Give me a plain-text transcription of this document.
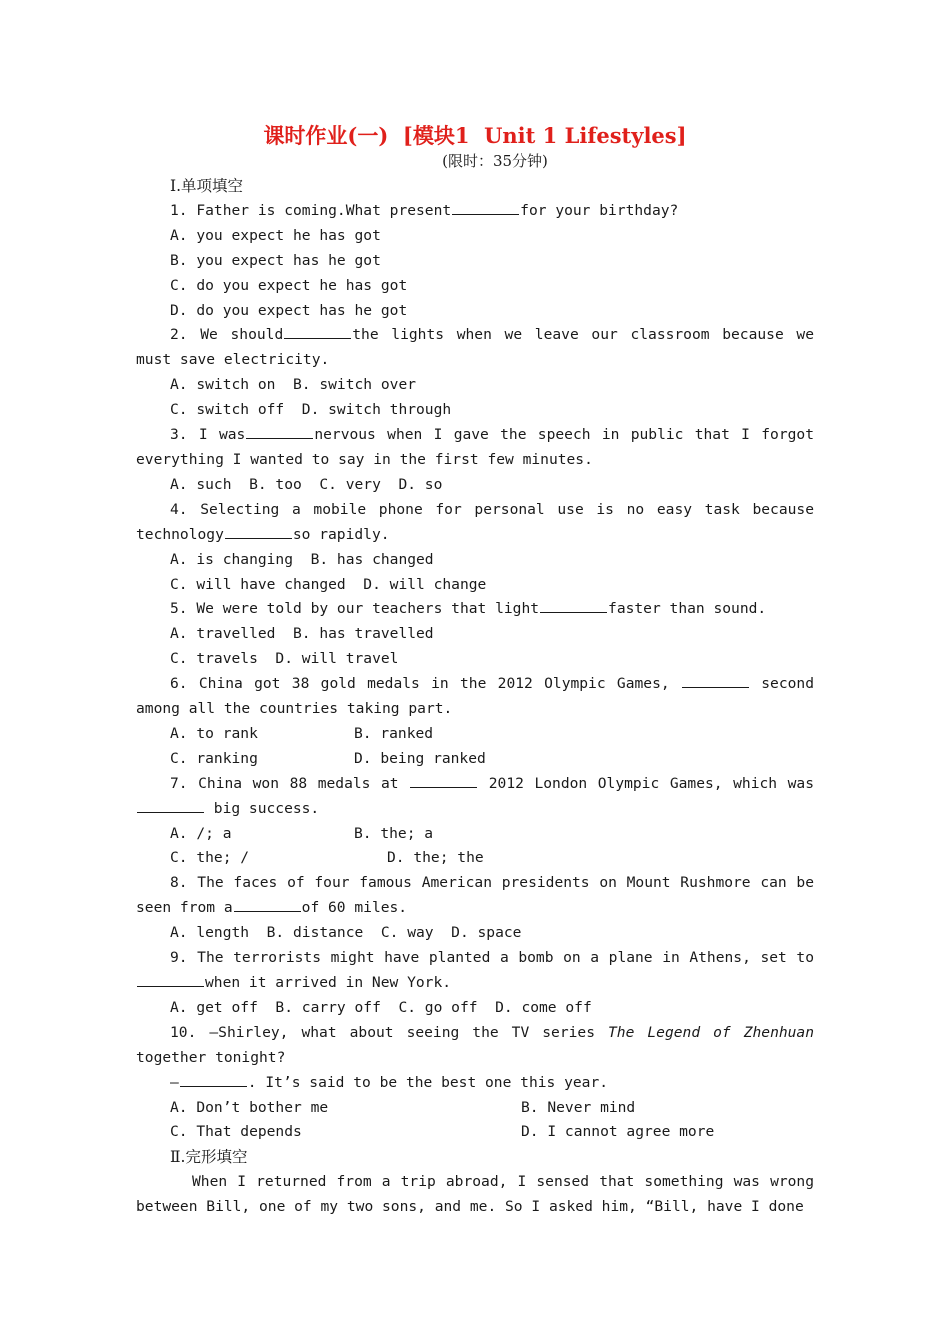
课时作业(一)  [模块1  Unit 1 Lifestyles]
(限时：35分钟)

Ⅰ.单项填空

1. Father is coming.What present	for your birthday?

A. you expect he has got

B. you expect has he got

C. do you expect he has got

D. do you expect has he got

2. We should	the lights when we leave our classroom because we must save electricity.

A. switch on  B. switch over

C. switch off  D. switch through

3. I was	nervous when I gave the speech in public that I forgot everything I wanted to say in the first few minutes.

A. such  B. too  C. very  D. so

4. Selecting a mobile phone for personal use is no easy task because technology	so rapidly.

A. is changing  B. has changed

C. will have changed  D. will change

5. We were told by our teachers that light	faster than sound.

A. travelled  B. has travelled

C. travels  D. will travel

6. China got 38 gold medals in the 2012 Olympic Games,	second among all the countries taking part.

A. to rank	B. ranked
C. ranking	D. being ranked

7. China won 88 medals at	2012 London Olympic Games, which was big success.

A. /; a	B. the; a
C. the; /	D. the; the

8. The faces of four famous American presidents on Mount Rushmore can be seen from a	of 60 miles.

A. length  B. distance  C. way  D. space

9. The terrorists might have planted a bomb on a plane in Athens, set towhen it arrived in New York.

A. get off  B. carry off  C. go off  D. come off

10. —Shirley, what about seeing the TV series The Legend of Zhenhuan together tonight?

—	. It’s said to be the best one this year.

A. Don’t bother me	B. Never mind
C. That depends	D. I cannot agree more

Ⅱ.完形填空

When I returned from a trip abroad, I sensed that something was wrong between Bill, one of my two sons, and me. So I asked him, “Bill, have I done
